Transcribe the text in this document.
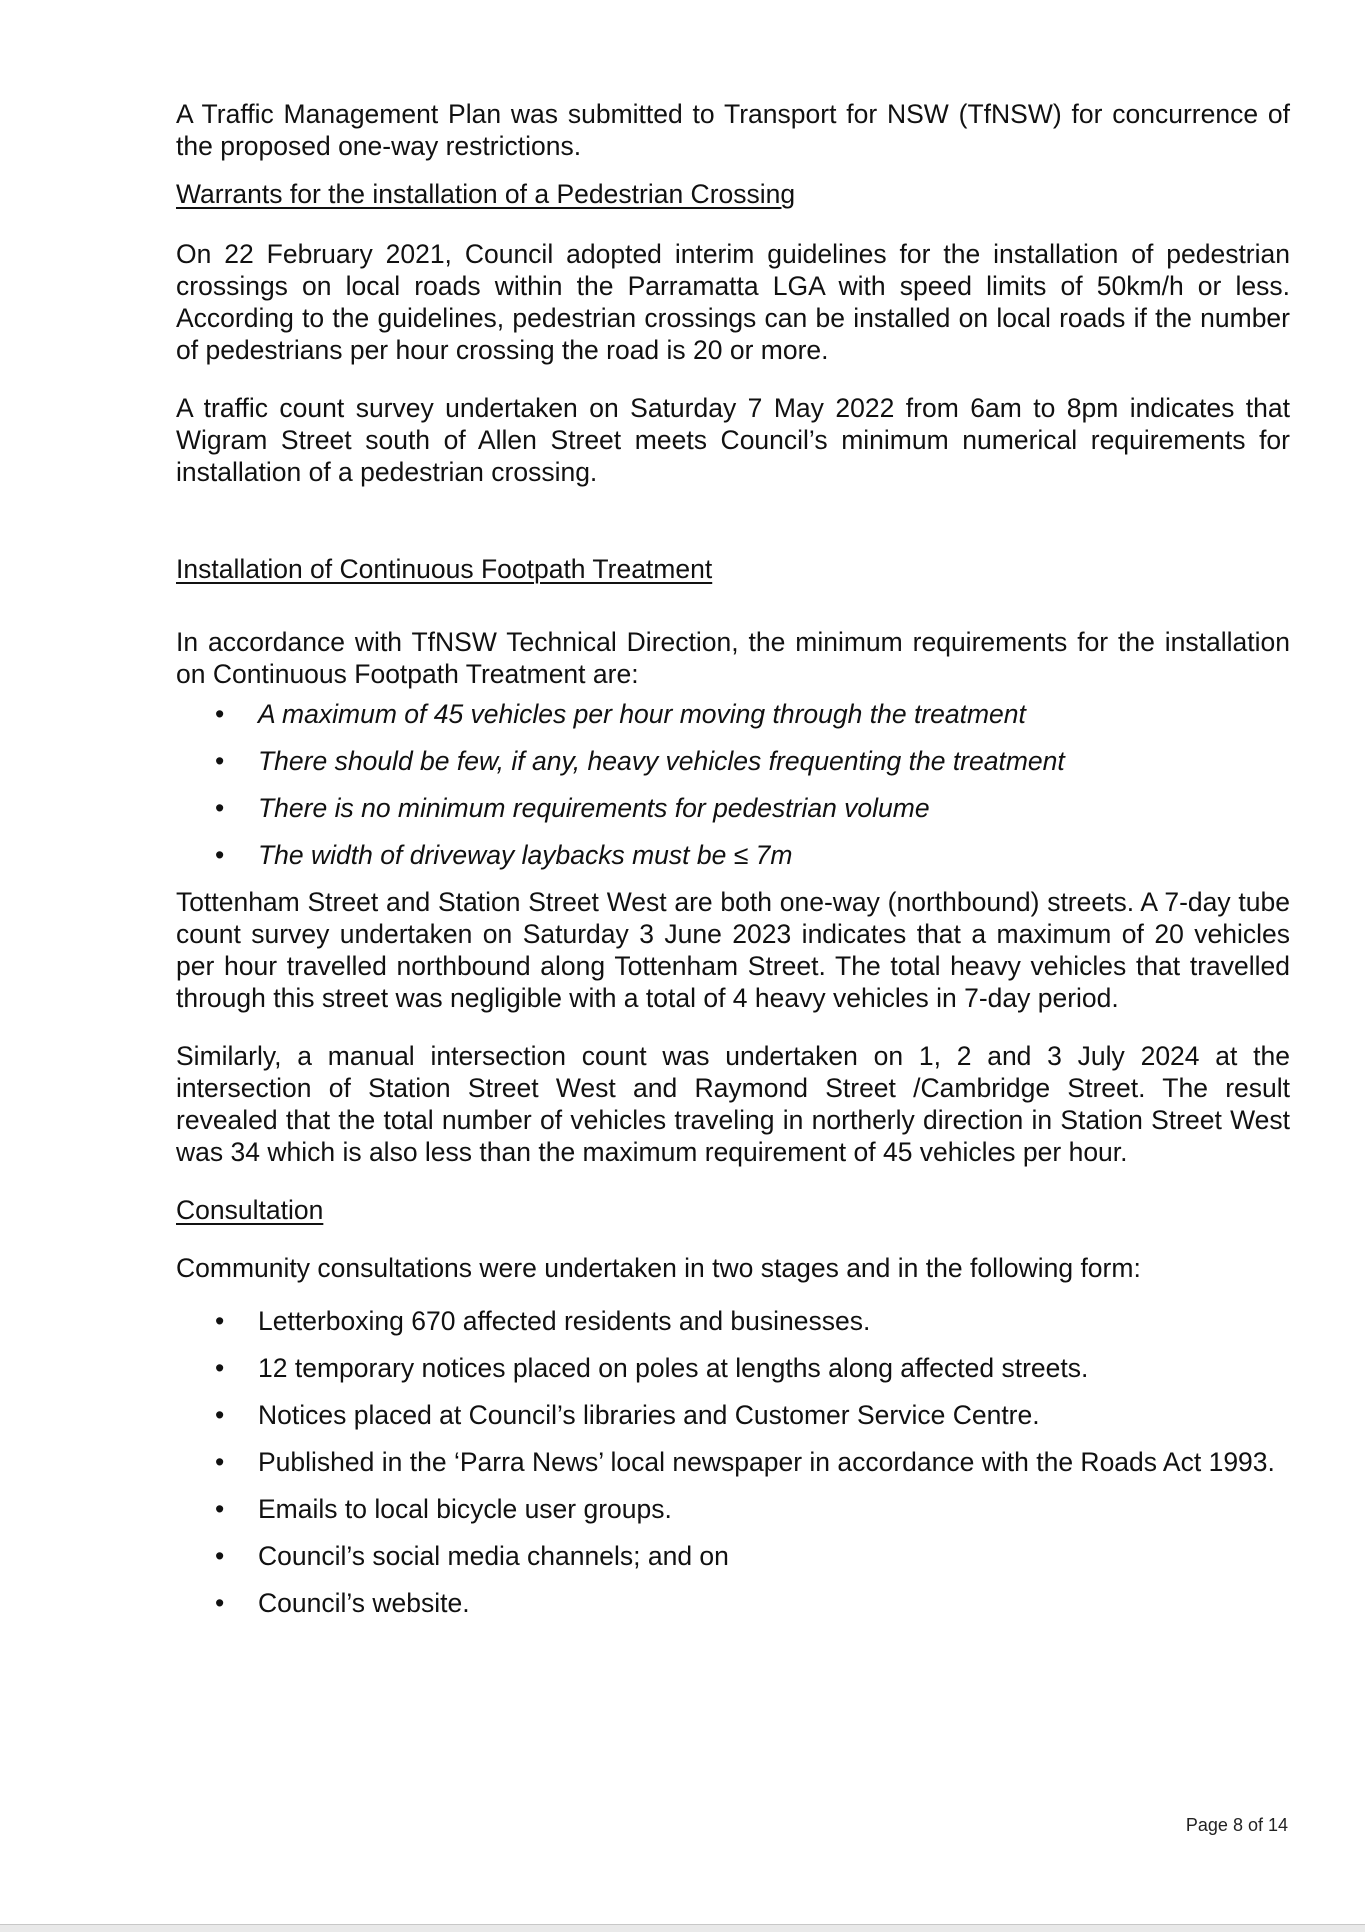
A Traffic Management Plan was submitted to Transport for NSW (TfNSW) for concurrence of the proposed one-way restrictions.

Warrants for the installation of a Pedestrian Crossing

On 22 February 2021, Council adopted interim guidelines for the installation of pedestrian crossings on local roads within the Parramatta LGA with speed limits of 50km/h or less. According to the guidelines, pedestrian crossings can be installed on local roads if the number of pedestrians per hour crossing the road is 20 or more.

A traffic count survey undertaken on Saturday 7 May 2022 from 6am to 8pm indicates that Wigram Street south of Allen Street meets Council’s minimum numerical requirements for installation of a pedestrian crossing.

Installation of Continuous Footpath Treatment

In accordance with TfNSW Technical Direction, the minimum requirements for the installation on Continuous Footpath Treatment are:

• A maximum of 45 vehicles per hour moving through the treatment
• There should be few, if any, heavy vehicles frequenting the treatment
• There is no minimum requirements for pedestrian volume
• The width of driveway laybacks must be ≤ 7m

Tottenham Street and Station Street West are both one-way (northbound) streets. A 7-day tube count survey undertaken on Saturday 3 June 2023 indicates that a maximum of 20 vehicles per hour travelled northbound along Tottenham Street. The total heavy vehicles that travelled through this street was negligible with a total of 4 heavy vehicles in 7-day period.

Similarly, a manual intersection count was undertaken on 1, 2 and 3 July 2024 at the intersection of Station Street West and Raymond Street /Cambridge Street. The result revealed that the total number of vehicles traveling in northerly direction in Station Street West was 34 which is also less than the maximum requirement of 45 vehicles per hour.

Consultation

Community consultations were undertaken in two stages and in the following form:

• Letterboxing 670 affected residents and businesses.
• 12 temporary notices placed on poles at lengths along affected streets.
• Notices placed at Council’s libraries and Customer Service Centre.
• Published in the ‘Parra News’ local newspaper in accordance with the Roads Act 1993.
• Emails to local bicycle user groups.
• Council’s social media channels; and on
• Council’s website.
Page 8 of 14
